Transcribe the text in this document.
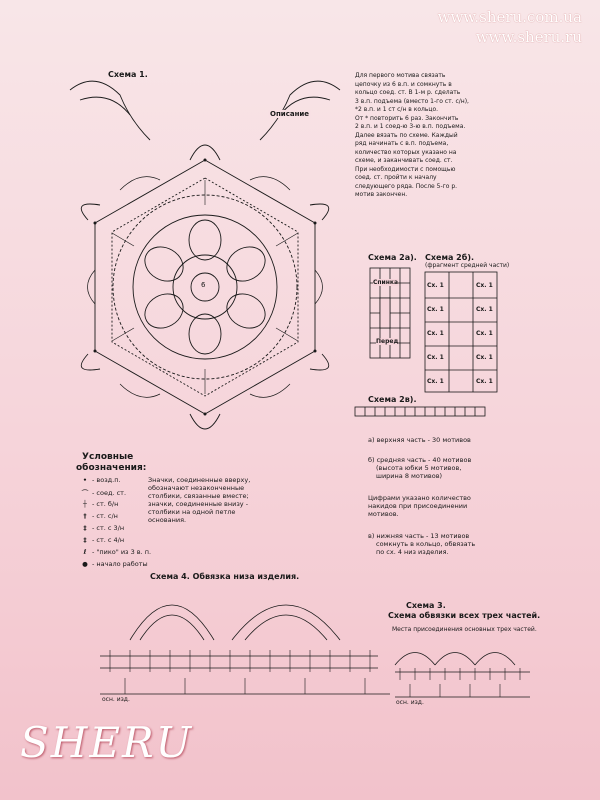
www.sheru.com.ua
www.sheru.ru
Схема 1.
6
Описание
Для первого мотива связать
цепочку из 6 в.п. и сомкнуть в
кольцо соед. ст. В 1-м р. сделать
3 в.п. подъема (вместо 1-го ст. с/н),
*2 в.п. и 1 ст с/н в кольцо.
От * повторить 6 раз. Закончить
2 в.п. и 1 соед-ю 3-ю в.п. подъема.
Далее вязать по схеме. Каждый
ряд начинать с в.п. подъема,
количество которых указано на
схеме, и заканчивать соед. ст.
При необходимости с помощью
соед. ст. пройти к началу
следующего ряда. После 5-го р.
мотив закончен.
Схема 2а).
Спинка
Перед
Схема 2б).
(фрагмент средней части)
Сх. 1	Сх. 1
Сх. 1	Сх. 1
Сх. 1	Сх. 1
Сх. 1	Сх. 1
Сх. 1	Сх. 1
Схема 2в).
а) верхняя часть - 30 мотивов
б) средняя часть - 40 мотивов
(высота юбки 5 мотивов,
ширина 8 мотивов)
Цифрами указано количество
накидов при присоединении
мотивов.
в) нижняя часть - 13 мотивов
сомкнуть в кольцо, обвязать
по сх. 4 низ изделия.
Условные
обозначения:
• - возд.п.
⌒ - соед. ст.
┼ - ст. б/н
† - ст. с/н
‡ - ст. с 3/н
‡ - ст. с 4/н
ℓ - "пико" из 3 в. п.
● - начало работы
Значки, соединенные вверху,
обозначают незаконченные
столбики, связанные вместе;
значки, соединенные внизу -
столбики на одной петле
основания.
Схема 4. Обвязка низа изделия.
осн. изд.
Схема 3.
Схема обвязки всех трех частей.
Места присоединения основных трех частей.
осн. изд.
SHERU
